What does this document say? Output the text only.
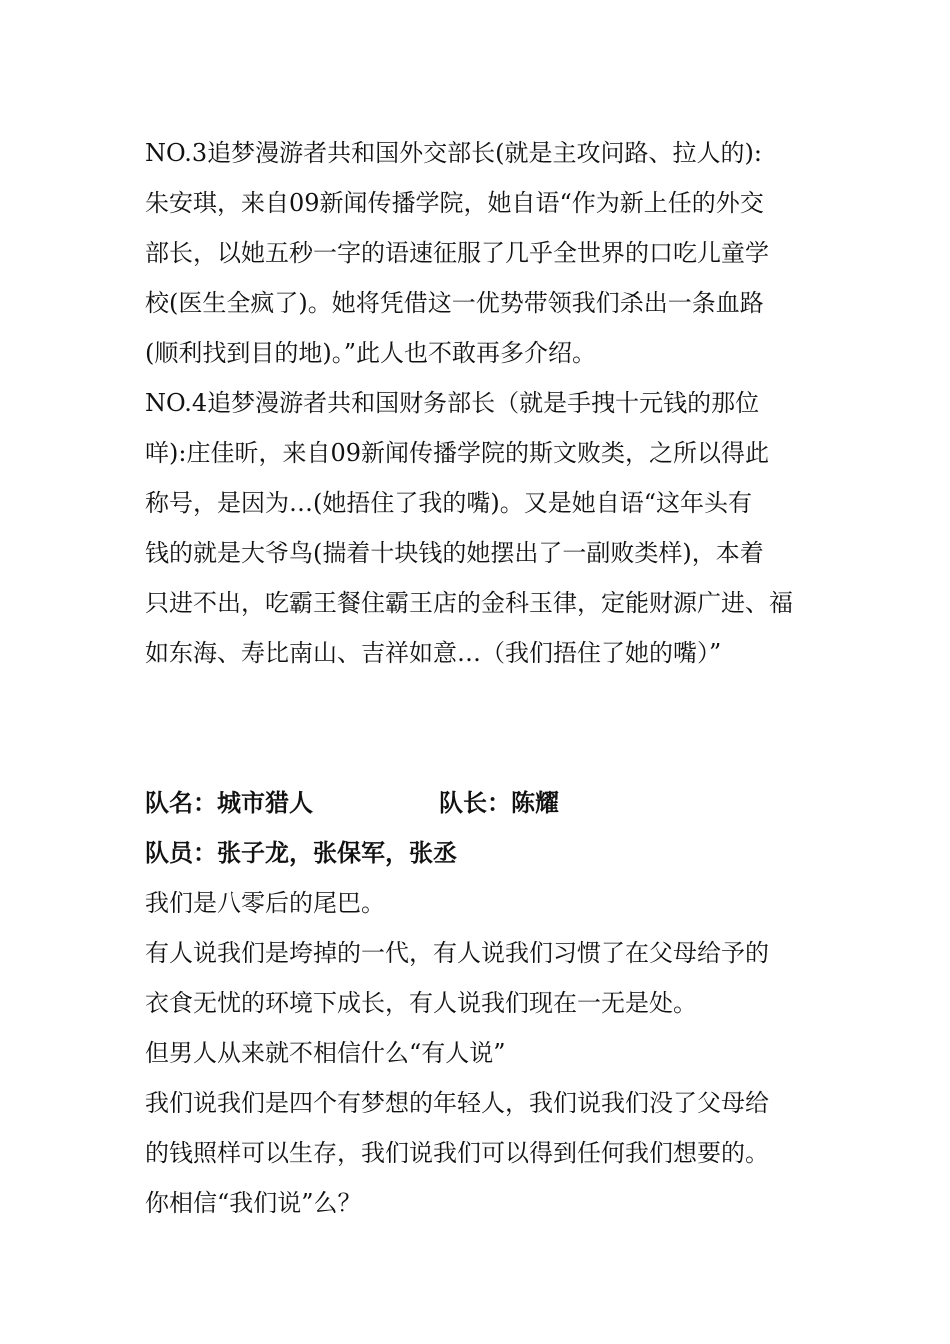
NO.3追梦漫游者共和国外交部长(就是主攻问路、拉人的):
朱安琪，来自09新闻传播学院，她自语“作为新上任的外交
部长，以她五秒一字的语速征服了几乎全世界的口吃儿童学
校(医生全疯了)。她将凭借这一优势带领我们杀出一条血路
(顺利找到目的地)。”此人也不敢再多介绍。
NO.4追梦漫游者共和国财务部长（就是手拽十元钱的那位
咩):庄佳昕，来自09新闻传播学院的斯文败类，之所以得此
称号，是因为…(她捂住了我的嘴)。又是她自语“这年头有
钱的就是大爷鸟(揣着十块钱的她摆出了一副败类样)，本着
只进不出，吃霸王餐住霸王店的金科玉律，定能财源广进、福
如东海、寿比南山、吉祥如意…（我们捂住了她的嘴）”
队名：城市猎人	队长：陈耀
队员：张子龙，张保军，张丞
我们是八零后的尾巴。
有人说我们是垮掉的一代，有人说我们习惯了在父母给予的
衣食无忧的环境下成长，有人说我们现在一无是处。
但男人从来就不相信什么“有人说”
我们说我们是四个有梦想的年轻人，我们说我们没了父母给
的钱照样可以生存，我们说我们可以得到任何我们想要的。
你相信“我们说”么？
